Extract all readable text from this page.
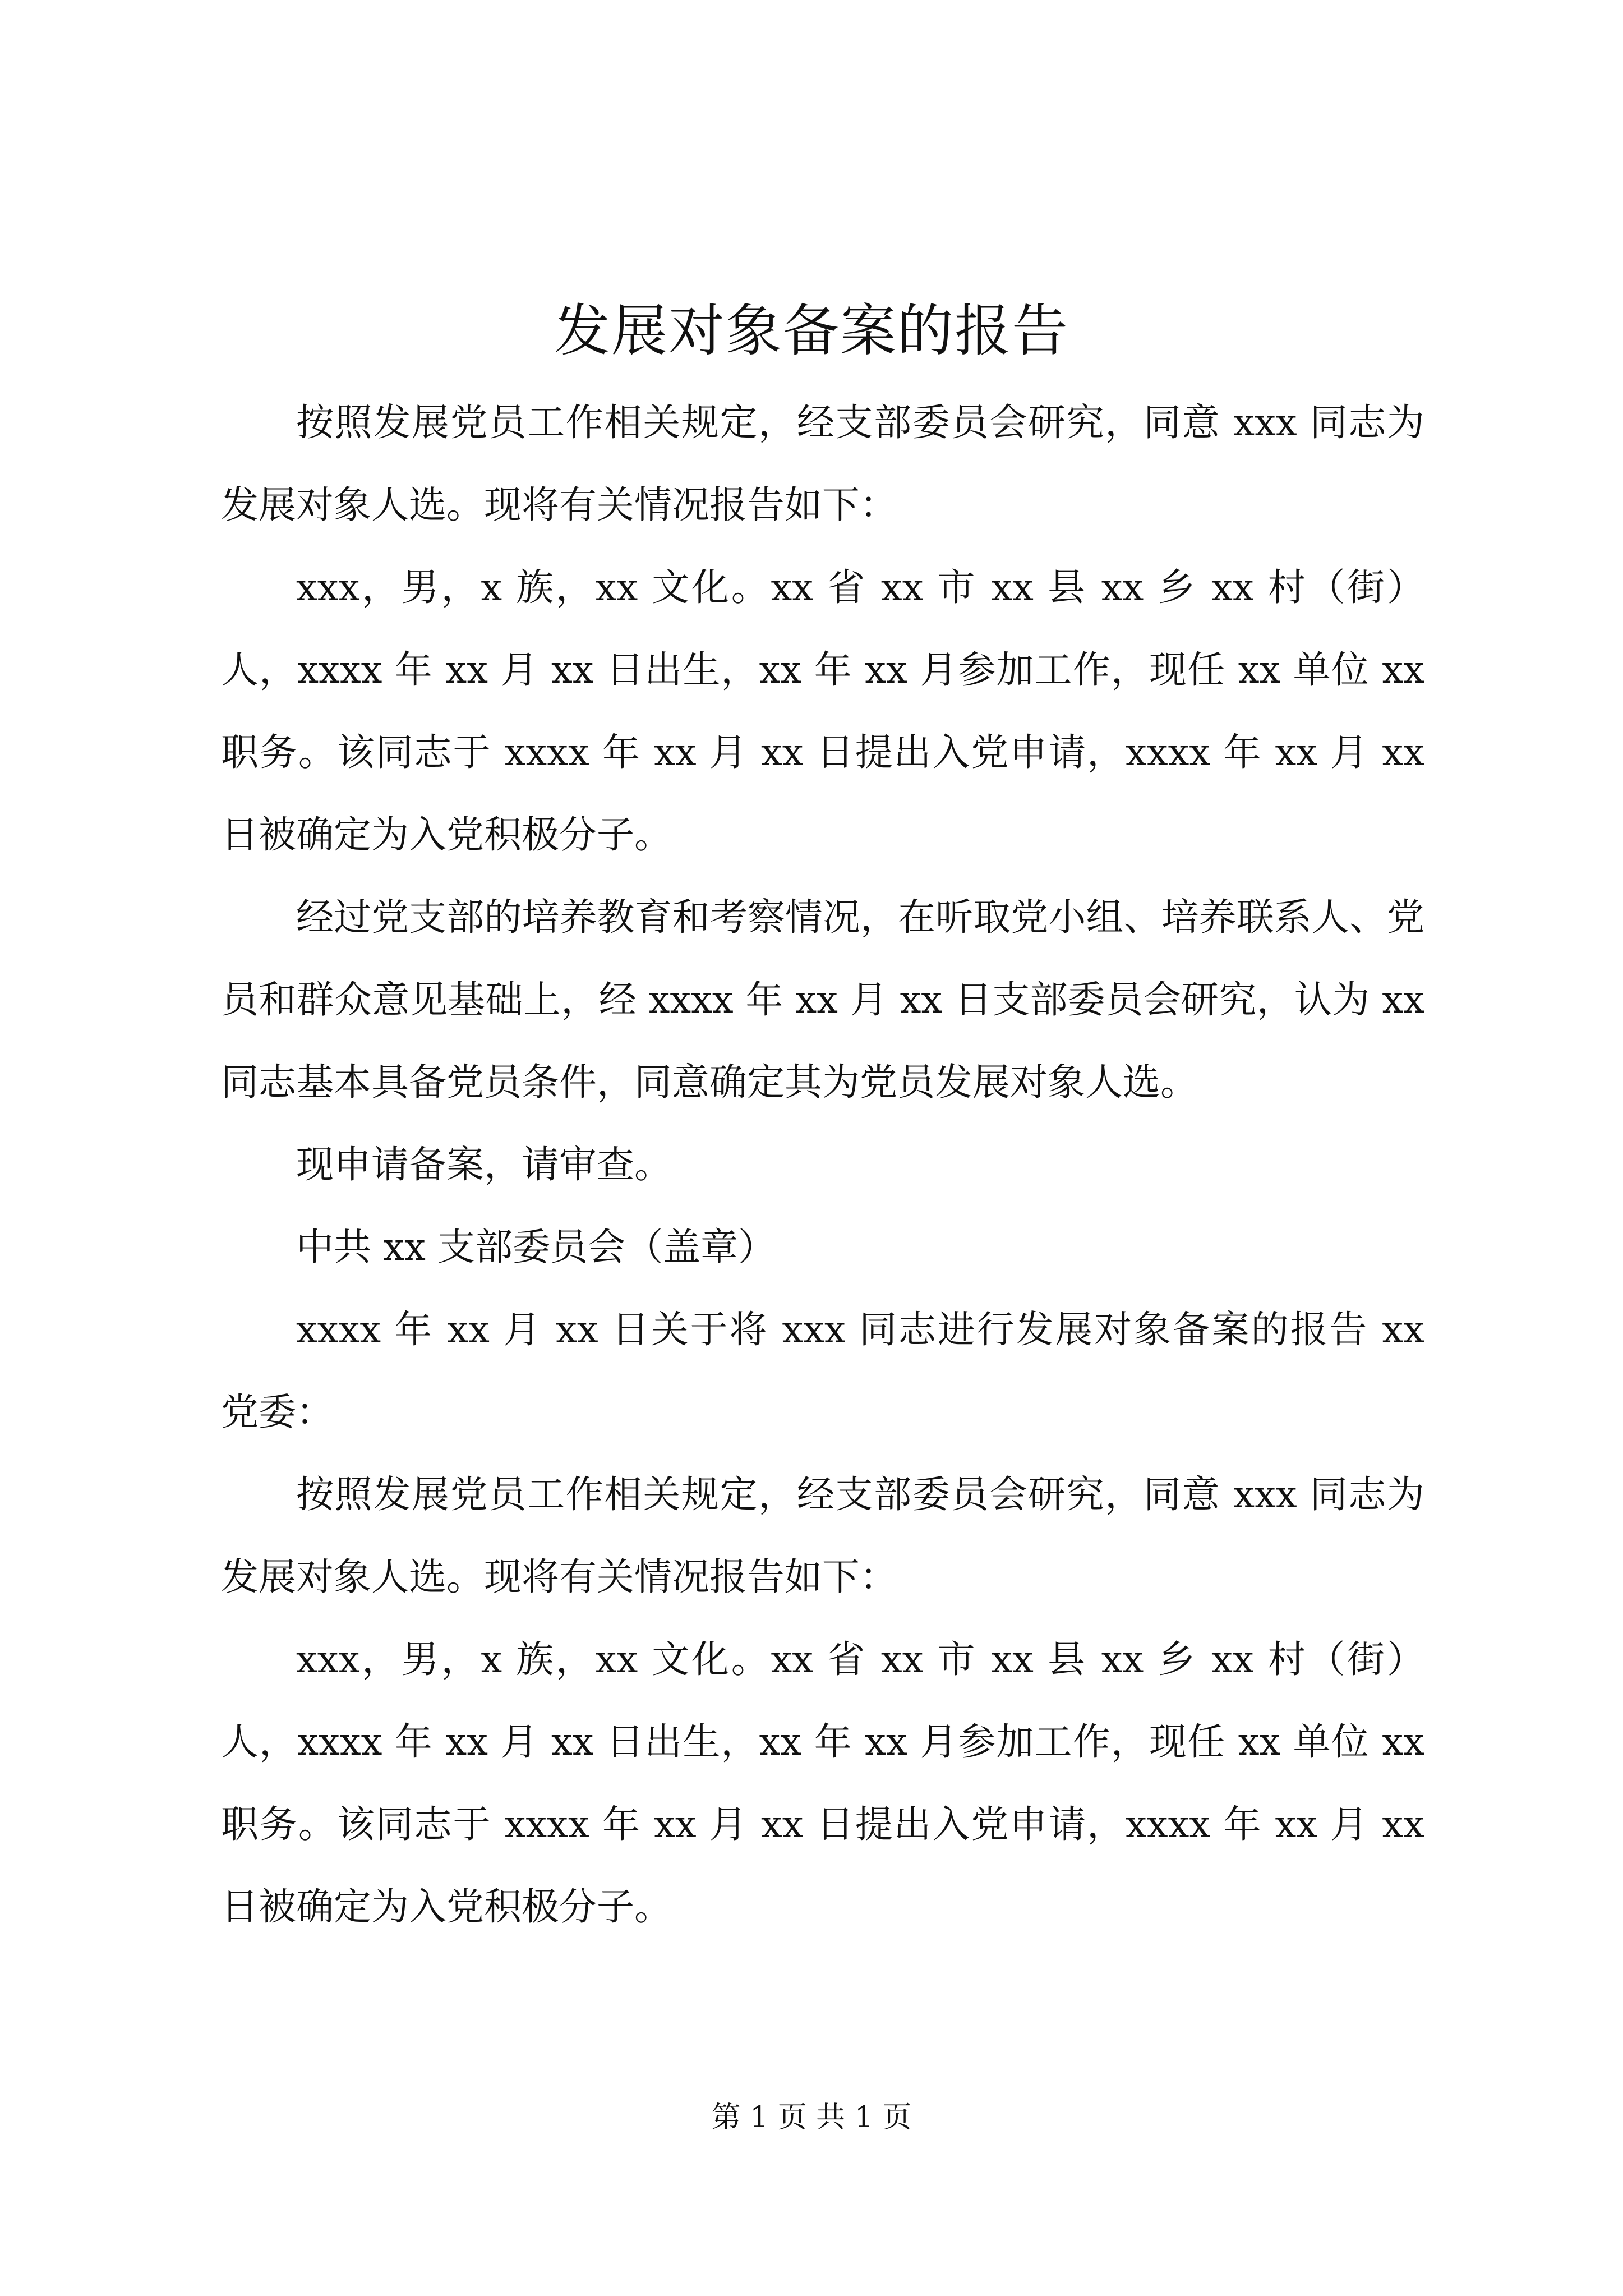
发展对象备案的报告

按照发展党员工作相关规定，经支部委员会研究，同意 xxx 同志为发展对象人选。现将有关情况报告如下：

xxx，男，x 族，xx 文化。xx 省 xx 市 xx 县 xx 乡 xx 村（街）人，xxxx 年 xx 月 xx 日出生，xx 年 xx 月参加工作，现任 xx 单位 xx 职务。该同志于 xxxx 年 xx 月 xx 日提出入党申请，xxxx 年 xx 月 xx 日被确定为入党积极分子。

经过党支部的培养教育和考察情况，在听取党小组、培养联系人、党员和群众意见基础上，经 xxxx 年 xx 月 xx 日支部委员会研究，认为 xx 同志基本具备党员条件，同意确定其为党员发展对象人选。

现申请备案，请审查。

中共 xx 支部委员会（盖章）

xxxx 年 xx 月 xx 日关于将 xxx 同志进行发展对象备案的报告 xx 党委：

按照发展党员工作相关规定，经支部委员会研究，同意 xxx 同志为发展对象人选。现将有关情况报告如下：

xxx，男，x 族，xx 文化。xx 省 xx 市 xx 县 xx 乡 xx 村（街）人，xxxx 年 xx 月 xx 日出生，xx 年 xx 月参加工作，现任 xx 单位 xx 职务。该同志于 xxxx 年 xx 月 xx 日提出入党申请，xxxx 年 xx 月 xx 日被确定为入党积极分子。

第 1 页 共 1 页
